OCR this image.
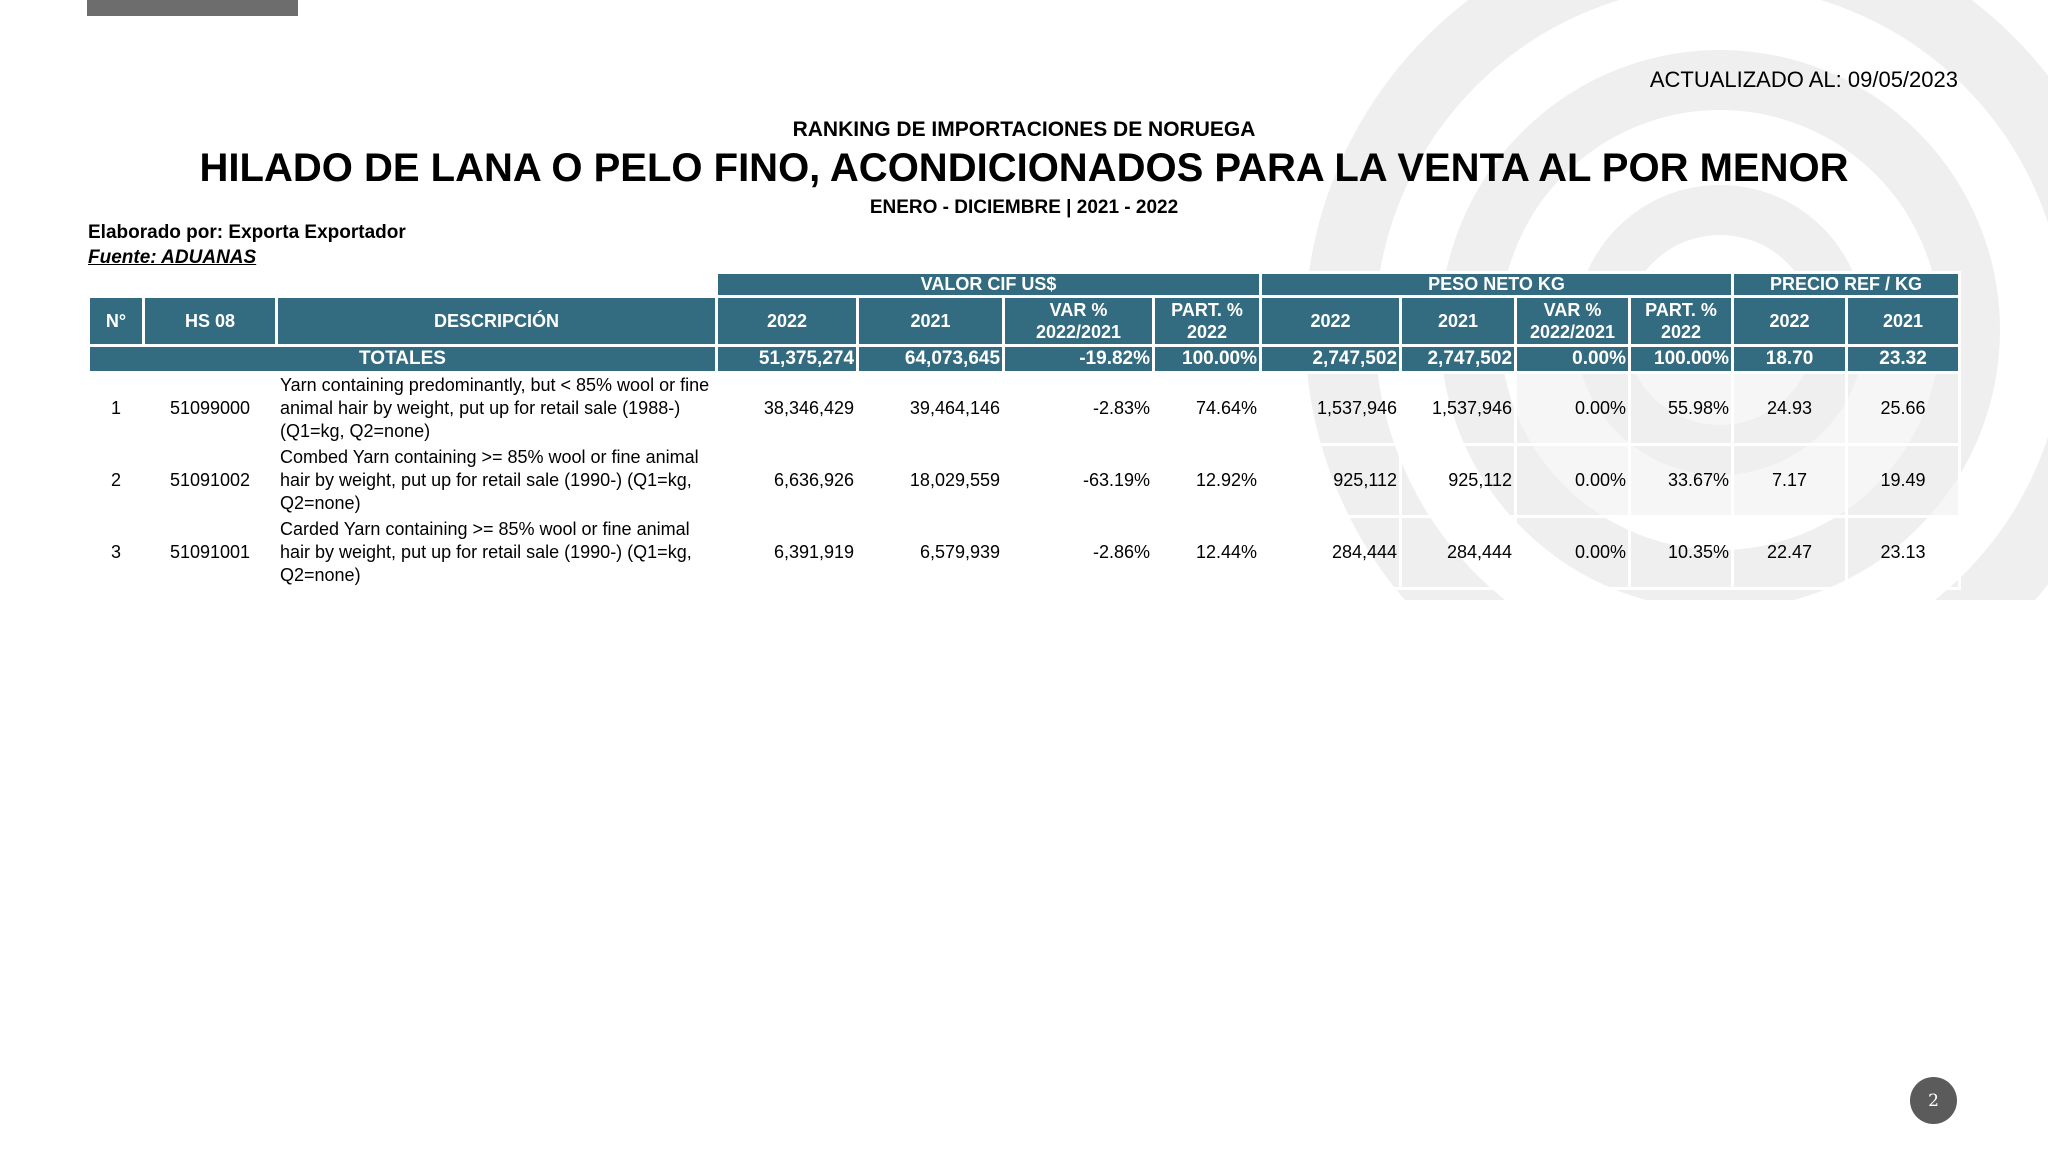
ACTUALIZADO AL: 09/05/2023
RANKING DE IMPORTACIONES DE NORUEGA
HILADO DE LANA O PELO FINO, ACONDICIONADOS PARA LA VENTA AL POR MENOR
ENERO - DICIEMBRE | 2021 - 2022
Elaborado por: Exporta Exportador
Fuente: ADUANAS
			VALOR CIF US$				PESO NETO KG				PRECIO REF / KG	
N°	HS 08	DESCRIPCIÓN	2022	2021	VAR % 2022/2021	PART. % 2022	2022	2021	VAR % 2022/2021	PART. % 2022	2022	2021
TOTALES			51,375,274	64,073,645	-19.82%	100.00%	2,747,502	2,747,502	0.00%	100.00%	18.70	23.32
1	51099000	Yarn containing predominantly, but < 85% wool or fine animal hair by weight, put up for retail sale (1988-) (Q1=kg, Q2=none)	38,346,429	39,464,146	-2.83%	74.64%	1,537,946	1,537,946	0.00%	55.98%	24.93	25.66
2	51091002	Combed Yarn containing >= 85% wool or fine animal hair by weight, put up for retail sale (1990-) (Q1=kg, Q2=none)	6,636,926	18,029,559	-63.19%	12.92%	925,112	925,112	0.00%	33.67%	7.17	19.49
3	51091001	Carded Yarn containing >= 85% wool or fine animal hair by weight, put up for retail sale (1990-) (Q1=kg, Q2=none)	6,391,919	6,579,939	-2.86%	12.44%	284,444	284,444	0.00%	10.35%	22.47	23.13
2
